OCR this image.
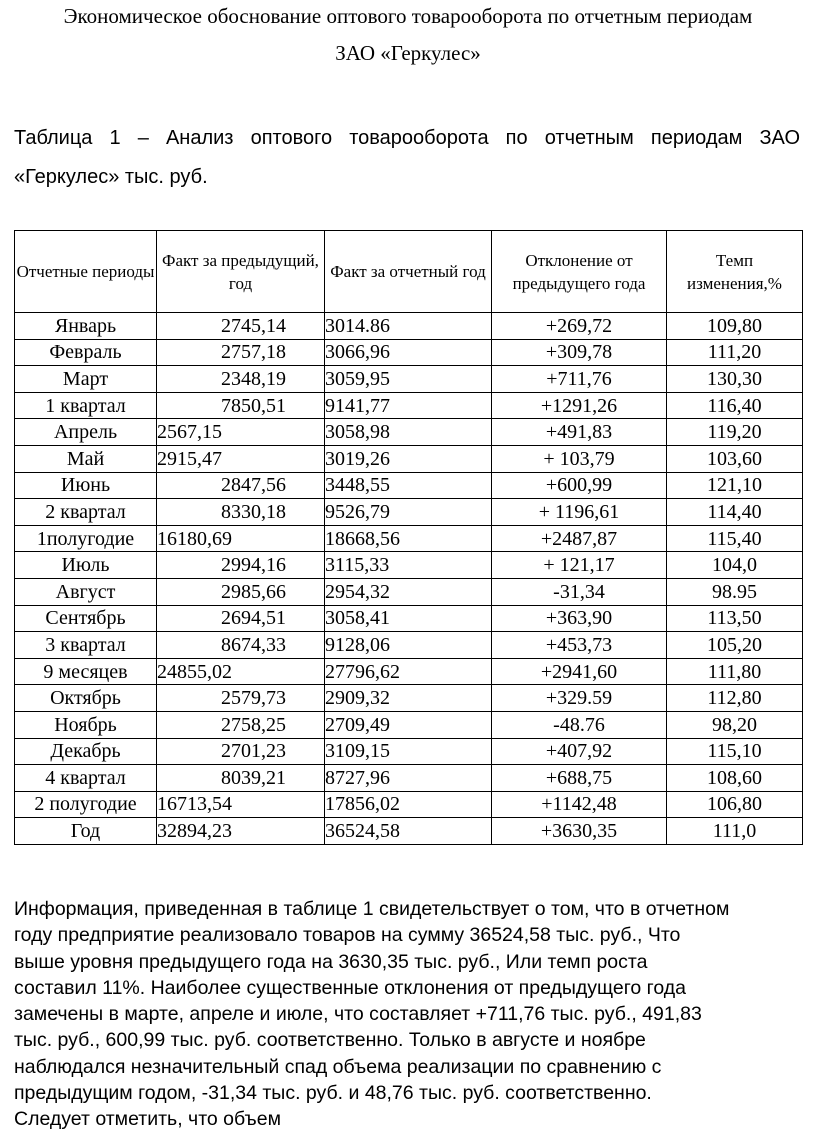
Экономическое обоснование оптового товарооборота по отчетным периодам
ЗАО «Геркулес»
Таблица 1 – Анализ оптового товарооборота по отчетным периодам ЗАО «Геркулес» тыс. руб.
Отчетные периоды	Факт за предыдущий, год	Факт за отчетный год	Отклонение от предыдущего года	Темп изменения,%
Январь	2745,14	3014.86	+269,72	109,80
Февраль	2757,18	3066,96	+309,78	111,20
Март	2348,19	3059,95	+711,76	130,30
1 квартал	7850,51	9141,77	+1291,26	116,40
Апрель	2567,15	3058,98	+491,83	119,20
Май	2915,47	3019,26	+ 103,79	103,60
Июнь	2847,56	3448,55	+600,99	121,10
2 квартал	8330,18	9526,79	+ 1196,61	114,40
1полугодие	16180,69	18668,56	+2487,87	115,40
Июль	2994,16	3115,33	+ 121,17	104,0
Август	2985,66	2954,32	-31,34	98.95
Сентябрь	2694,51	3058,41	+363,90	113,50
3 квартал	8674,33	9128,06	+453,73	105,20
9 месяцев	24855,02	27796,62	+2941,60	111,80
Октябрь	2579,73	2909,32	+329.59	112,80
Ноябрь	2758,25	2709,49	-48.76	98,20
Декабрь	2701,23	3109,15	+407,92	115,10
4 квартал	8039,21	8727,96	+688,75	108,60
2 полугодие	16713,54	17856,02	+1142,48	106,80
Год	32894,23	36524,58	+3630,35	111,0
Информация, приведенная в таблице 1 свидетельствует о том, что в отчетном
году предприятие реализовало товаров на сумму 36524,58 тыс. руб., Что
выше уровня предыдущего года на 3630,35 тыс. руб., Или темп роста
составил 11%. Наиболее существенные отклонения от предыдущего года
замечены в марте, апреле и июле, что составляет +711,76 тыс. руб., 491,83
тыс. руб., 600,99 тыс. руб. соответственно. Только в августе и ноябре
наблюдался незначительный спад объема реализации по сравнению с
предыдущим годом, -31,34 тыс. руб. и 48,76 тыс. руб. соответственно.
Следует отметить, что объем
